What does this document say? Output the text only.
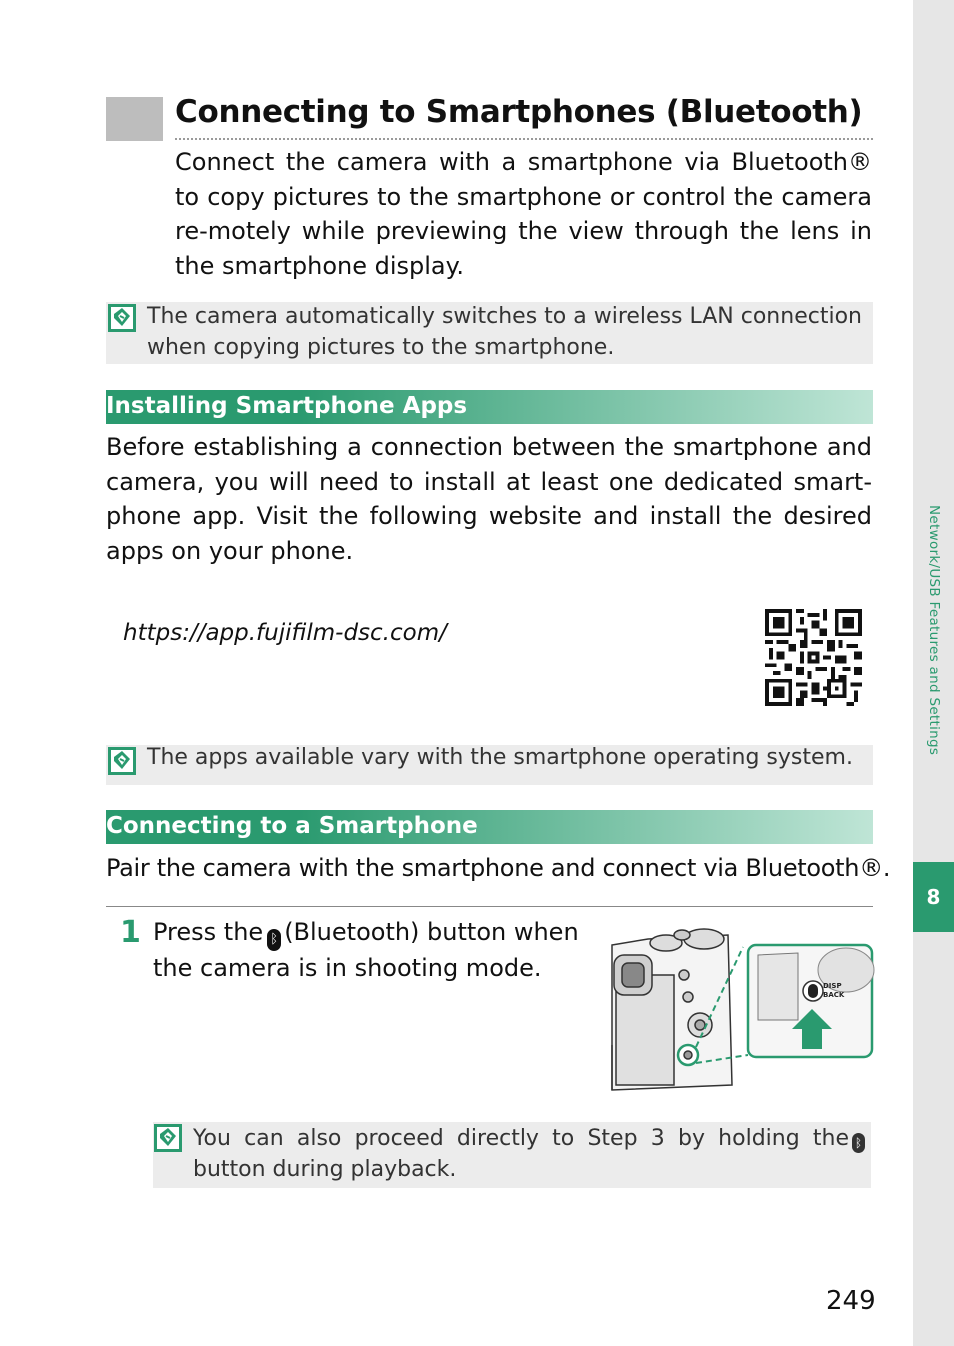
Network/USB Features and Settings
8
Connecting to Smartphones (Bluetooth)
Connect the camera with a smartphone via Bluetooth® to copy pictures to the smartphone or control the camera re-motely while previewing the view through the lens in the smartphone display.
The camera automatically switches to a wireless LAN connection when copying pictures to the smartphone.
Installing Smartphone Apps
Before establishing a connection between the smartphone and camera, you will need to install at least one dedicated smart-phone app. Visit the following website and install the desired apps on your phone.
https://app.fujifilm-dsc.com/
The apps available vary with the smartphone operating system.
Connecting to a Smartphone
Pair the camera with the smartphone and connect via Bluetooth®.
1 Press the ᛒ (Bluetooth) button when the camera is in shooting mode.
DISP
BACK
You can also proceed directly to Step 3 by holding the ᛒbutton during playback.
249
